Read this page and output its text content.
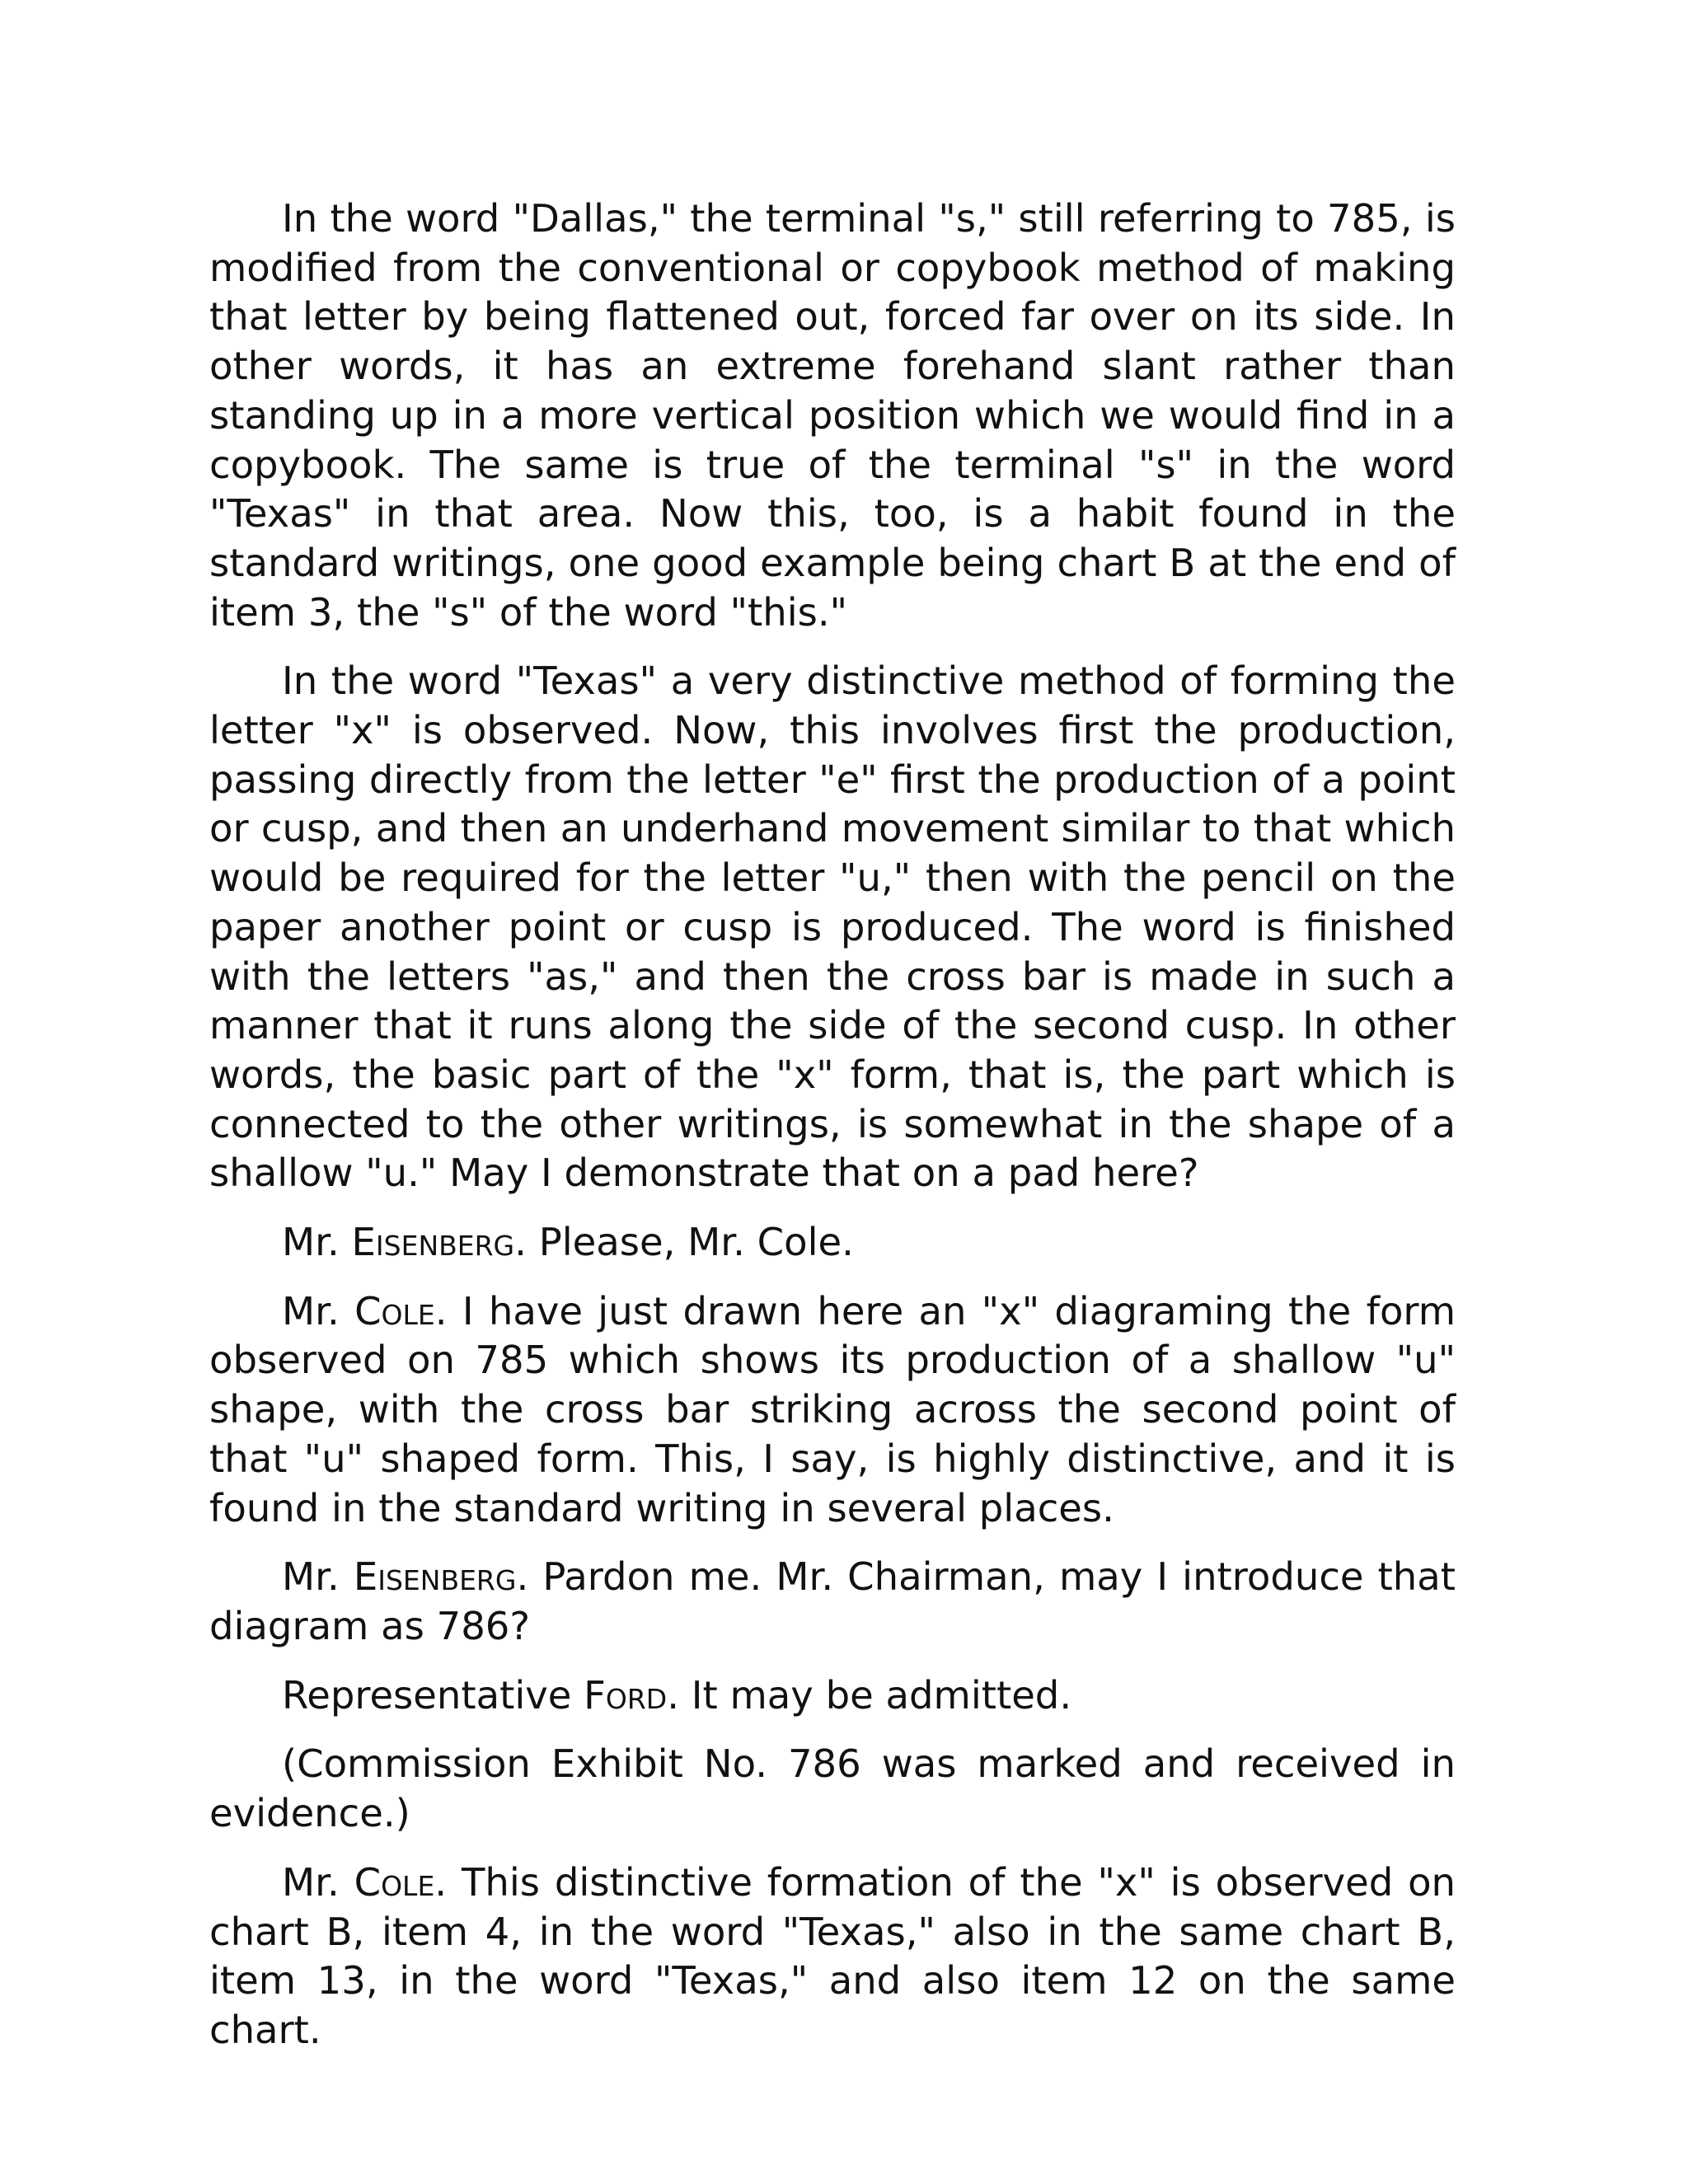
In the word "Dallas," the terminal "s," still referring to 785, is modified from the conventional or copybook method of making that letter by being flattened out, forced far over on its side. In other words, it has an extreme forehand slant rather than standing up in a more vertical position which we would find in a copybook. The same is true of the terminal "s" in the word "Texas" in that area. Now this, too, is a habit found in the standard writings, one good example being chart B at the end of item 3, the "s" of the word "this."

In the word "Texas" a very distinctive method of forming the letter "x" is observed. Now, this involves first the production, passing directly from the letter "e" first the production of a point or cusp, and then an underhand movement similar to that which would be required for the letter "u," then with the pencil on the paper another point or cusp is produced. The word is finished with the letters "as," and then the cross bar is made in such a manner that it runs along the side of the second cusp. In other words, the basic part of the "x" form, that is, the part which is connected to the other writings, is somewhat in the shape of a shallow "u." May I demonstrate that on a pad here?

Mr. Eisenberg. Please, Mr. Cole.

Mr. Cole. I have just drawn here an "x" diagraming the form observed on 785 which shows its production of a shallow "u" shape, with the cross bar striking across the second point of that "u" shaped form. This, I say, is highly distinctive, and it is found in the standard writing in several places.

Mr. Eisenberg. Pardon me. Mr. Chairman, may I introduce that diagram as 786?

Representative Ford. It may be admitted.

(Commission Exhibit No. 786 was marked and received in evidence.)

Mr. Cole. This distinctive formation of the "x" is observed on chart B, item 4, in the word "Texas," also in the same chart B, item 13, in the word "Texas," and also item 12 on the same chart.
